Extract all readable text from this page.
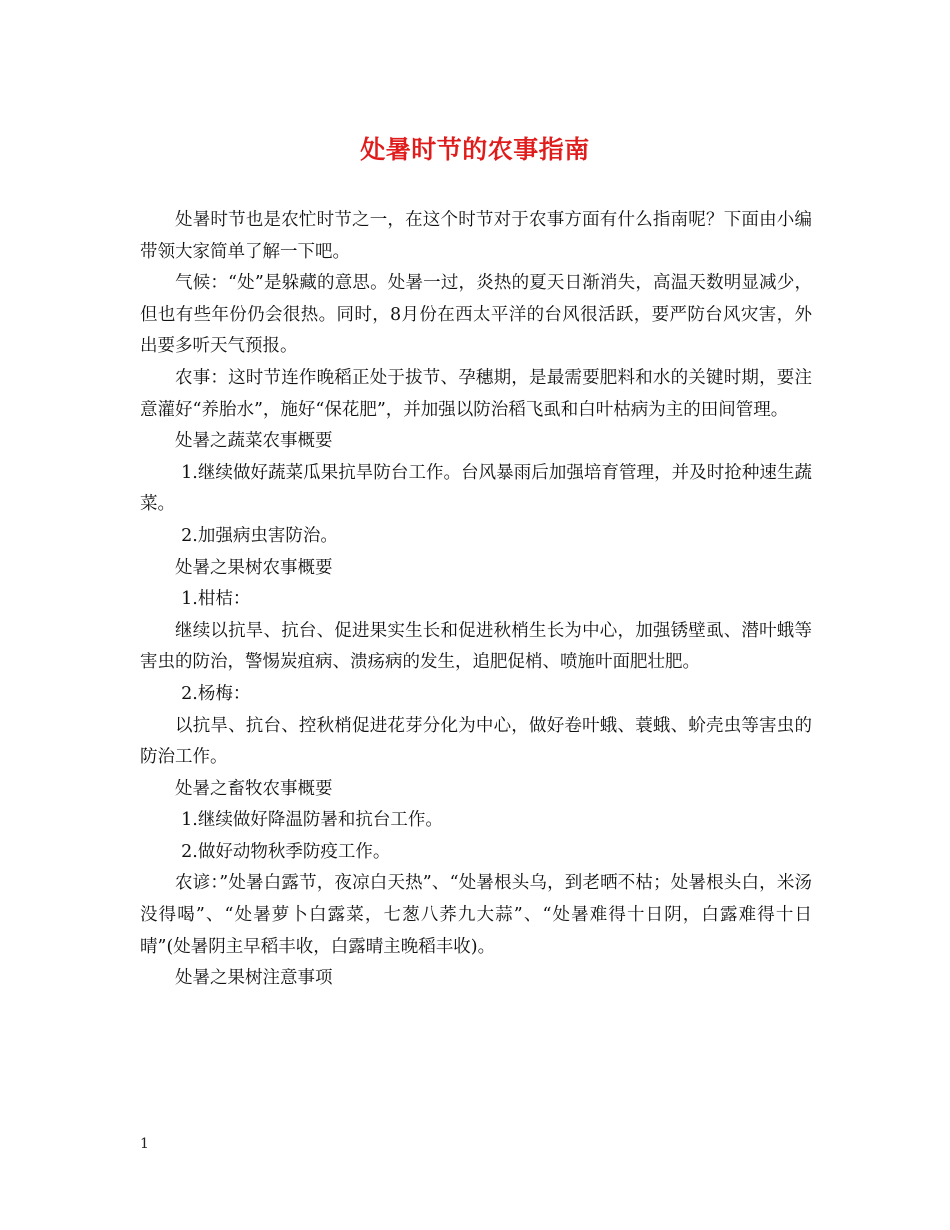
处暑时节的农事指南

处暑时节也是农忙时节之一，在这个时节对于农事方面有什么指南呢？下面由小编带领大家简单了解一下吧。

气候：“处”是躲藏的意思。处暑一过，炎热的夏天日渐消失，高温天数明显减少，但也有些年份仍会很热。同时，8月份在西太平洋的台风很活跃，要严防台风灾害，外出要多听天气预报。

农事：这时节连作晚稻正处于拔节、孕穗期，是最需要肥料和水的关键时期，要注意灌好“养胎水”，施好“保花肥”，并加强以防治稻飞虱和白叶枯病为主的田间管理。

处暑之蔬菜农事概要

1.继续做好蔬菜瓜果抗旱防台工作。台风暴雨后加强培育管理，并及时抢种速生蔬菜。

2.加强病虫害防治。

处暑之果树农事概要

1.柑桔：

继续以抗旱、抗台、促进果实生长和促进秋梢生长为中心，加强锈壁虱、潜叶蛾等害虫的防治，警惕炭疽病、溃疡病的发生，追肥促梢、喷施叶面肥壮肥。

2.杨梅：

以抗旱、抗台、控秋梢促进花芽分化为中心，做好卷叶蛾、蓑蛾、蚧壳虫等害虫的防治工作。

处暑之畜牧农事概要

1.继续做好降温防暑和抗台工作。

2.做好动物秋季防疫工作。

农谚：”处暑白露节，夜凉白天热”、“处暑根头乌，到老晒不枯；处暑根头白，米汤没得喝”、“处暑萝卜白露菜，七葱八荞九大蒜”、“处暑难得十日阴，白露难得十日晴”(处暑阴主早稻丰收，白露晴主晚稻丰收)。

处暑之果树注意事项

1
